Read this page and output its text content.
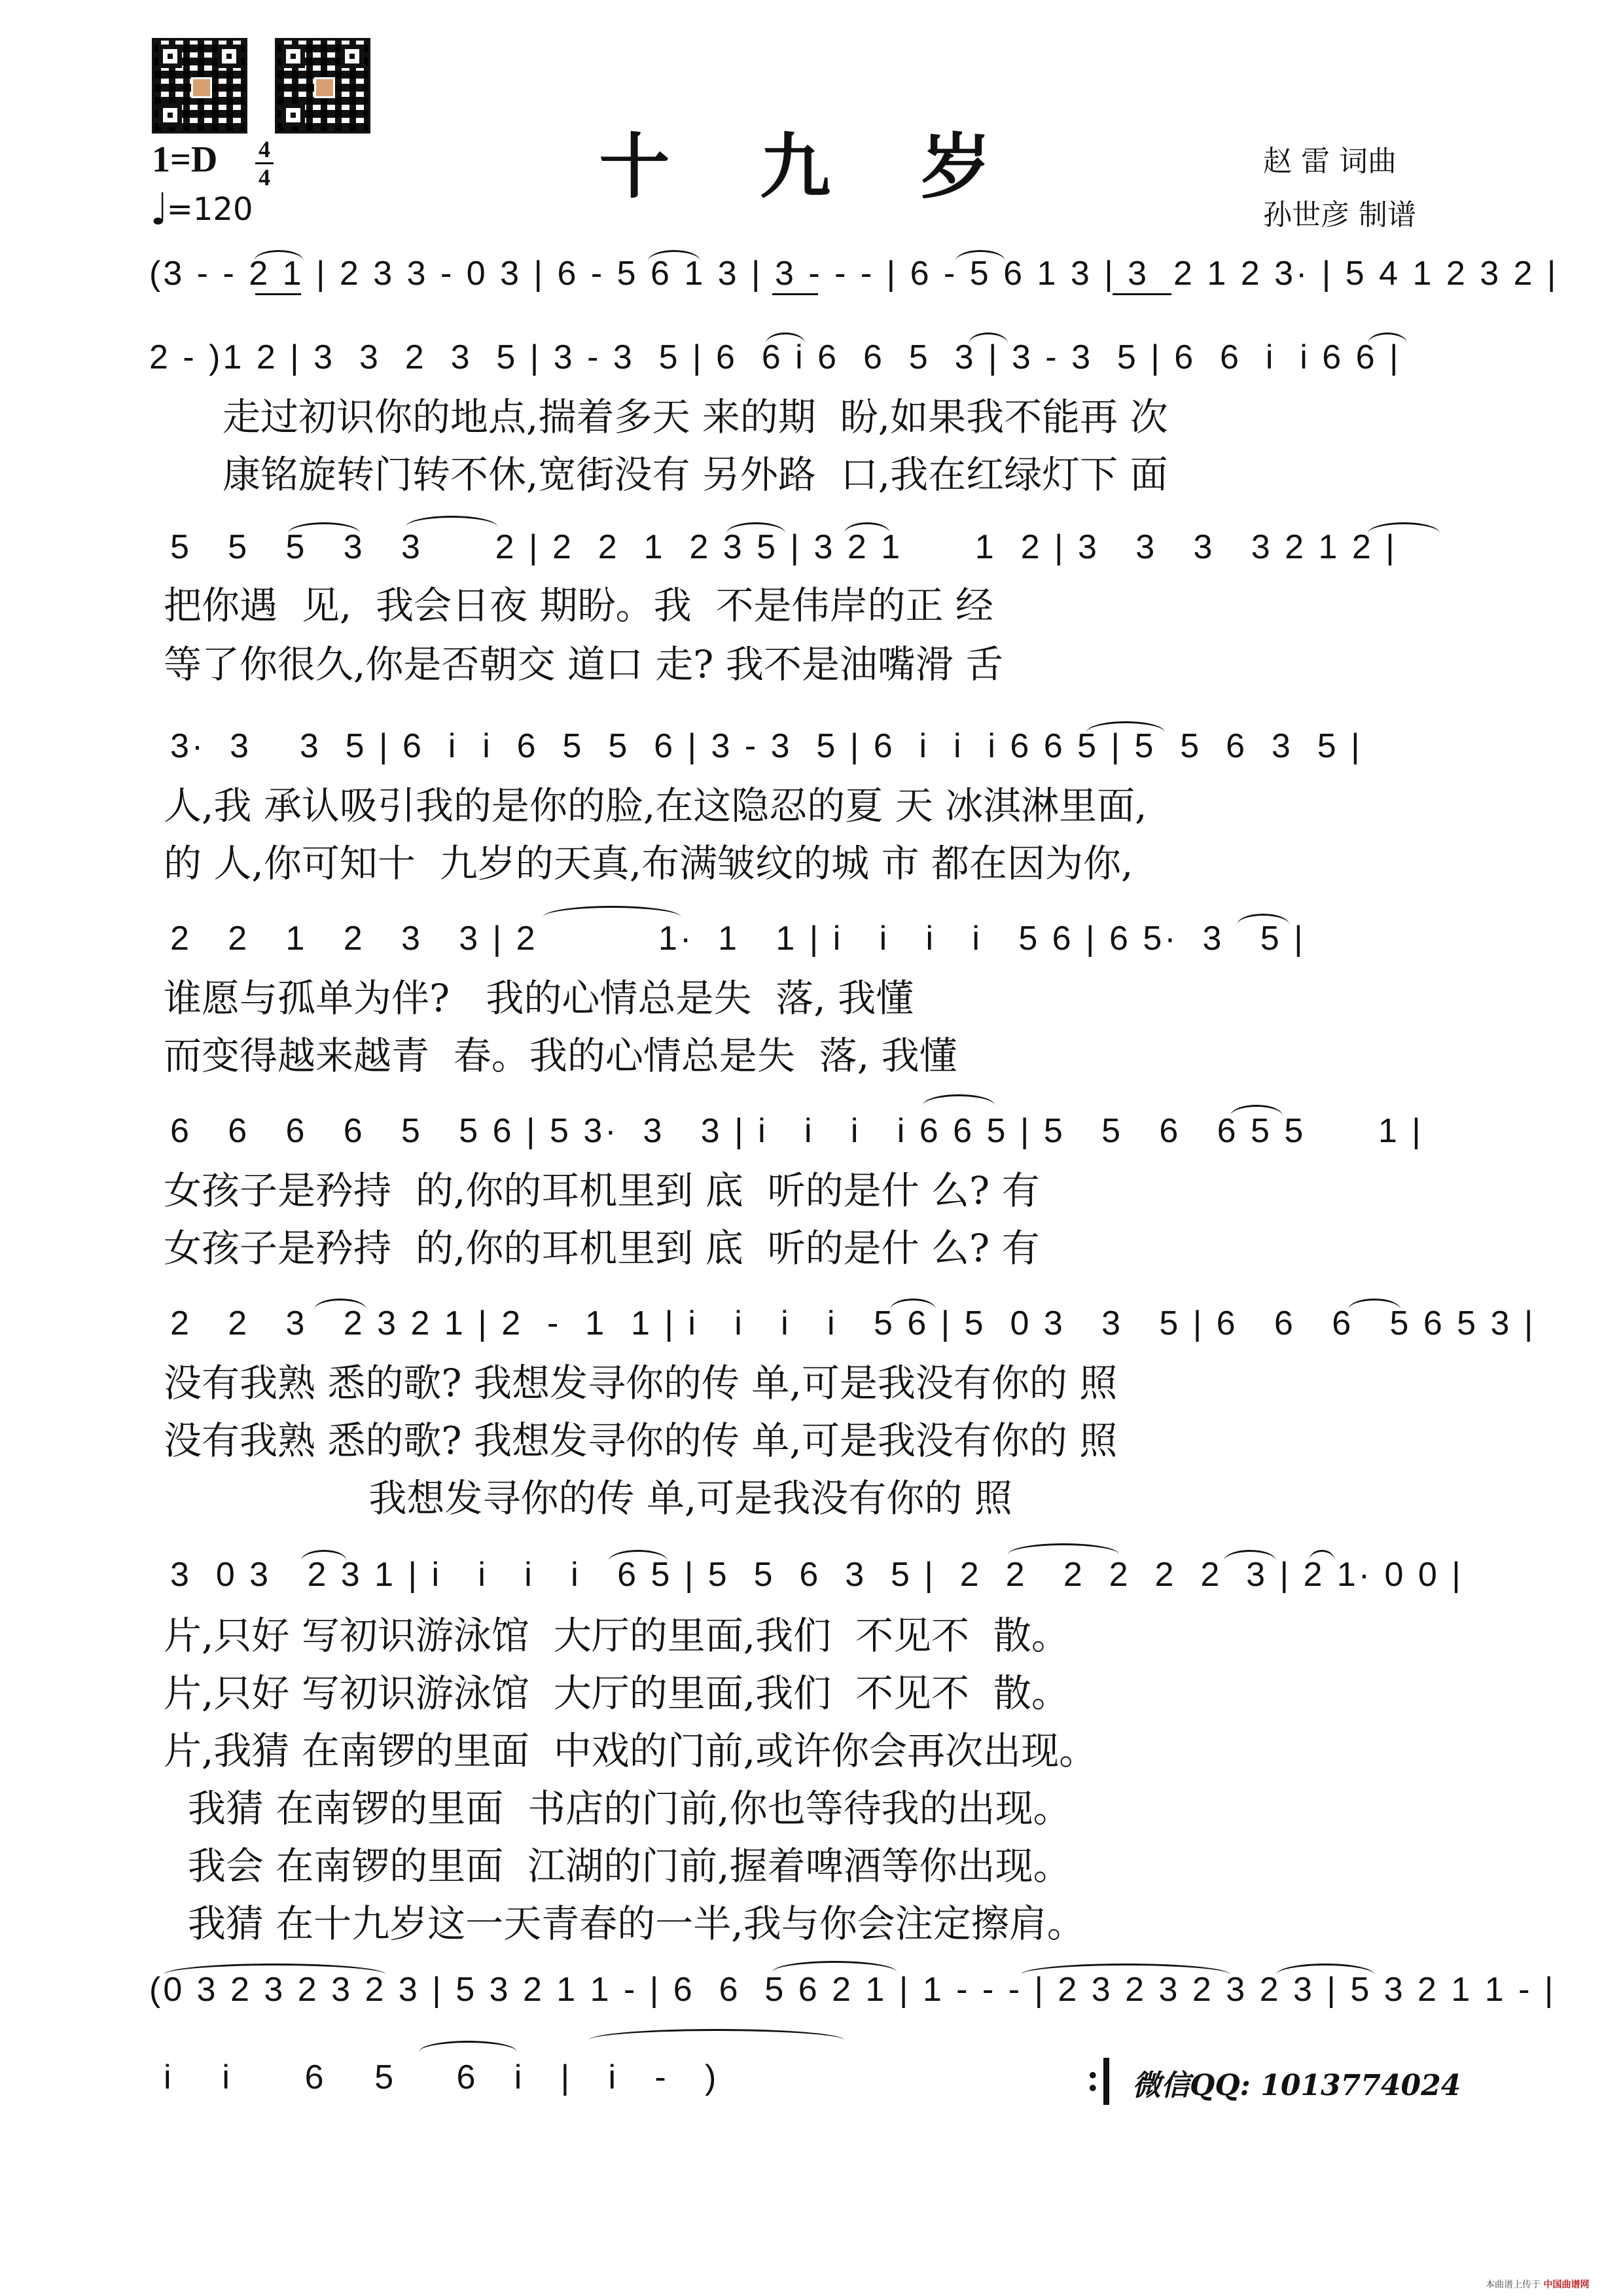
十 九 岁	赵 雷 词曲
孙世彦 制谱
1=D 4
4
♩=120
(3 - - 2 1 | 2 3 3 - 0 3 | 6 - 5 6 1 3 | 3 - - - | 6 - 5 6 1 3 | 3  2 1 2 3· | 5 4 1 2 3 2 |
2 - )1 2 | 3  3  2  3  5 | 3 - 3  5 | 6  6 i 6  6  5  3 | 3 - 3  5 | 6  6  i  i 6 6 |
走过初识你的地点,揣着多天 来的期  盼,如果我不能再 次
康铭旋转门转不休,宽街没有 另外路  口,我在红绿灯下 面
5   5   5   3   3      2 | 2  2  1  2 3 5 | 3 2 1      1  2 | 3   3   3   3 2 1 2 |
把你遇  见,  我会日夜 期盼。我  不是伟岸的正 经
等了你很久,你是否朝交 道口 走? 我不是油嘴滑 舌
3·  3    3  5 | 6  i  i  6  5  5  6 | 3 - 3  5 | 6  i  i  i 6 6 5 | 5  5  6  3  5 |
人,我 承认吸引我的是你的脸,在这隐忍的夏 天 冰淇淋里面,
的 人,你可知十  九岁的天真,布满皱纹的城 市 都在因为你,
2   2   1   2   3   3 | 2          1·  1   1 | i   i   i   i   5 6 | 6 5·  3   5 |
谁愿与孤单为伴?   我的心情总是失  落, 我懂
而变得越来越青  春。我的心情总是失  落, 我懂
6   6   6   6   5   5 6 | 5 3·  3   3 | i   i   i   i 6 6 5 | 5   5   6   6 5 5      1 |
女孩子是矜持  的,你的耳机里到 底  听的是什 么? 有
女孩子是矜持  的,你的耳机里到 底  听的是什 么? 有
2   2   3   2 3 2 1 | 2  -  1  1 | i   i   i   i   5 6 | 5  0 3   3   5 | 6   6   6   5 6 5 3 |
没有我熟 悉的歌? 我想发寻你的传 单,可是我没有你的 照
没有我熟 悉的歌? 我想发寻你的传 单,可是我没有你的 照
我想发寻你的传 单,可是我没有你的 照
3  0 3   2 3 1 | i   i   i   i   6 5 | 5  5  6  3  5 |  2  2   2  2  2  2  3 | 2 1· 0 0 |
片,只好 写初识游泳馆  大厅的里面,我们  不见不  散。
片,只好 写初识游泳馆  大厅的里面,我们  不见不  散。
片,我猜 在南锣的里面  中戏的门前,或许你会再次出现。
我猜 在南锣的里面  书店的门前,你也等待我的出现。
我会 在南锣的里面  江湖的门前,握着啤酒等你出现。
我猜 在十九岁这一天青春的一半,我与你会注定擦肩。
(0 3 2 3 2 3 2 3 | 5 3 2 1 1 - | 6  6  5 6 2 1 | 1 - - - | 2 3 2 3 2 3 2 3 | 5 3 2 1 1 - |
i    i      6    5     6   i   |   i   -   )	:	微信QQ: 1013774024
本曲谱上传于 中国曲谱网
